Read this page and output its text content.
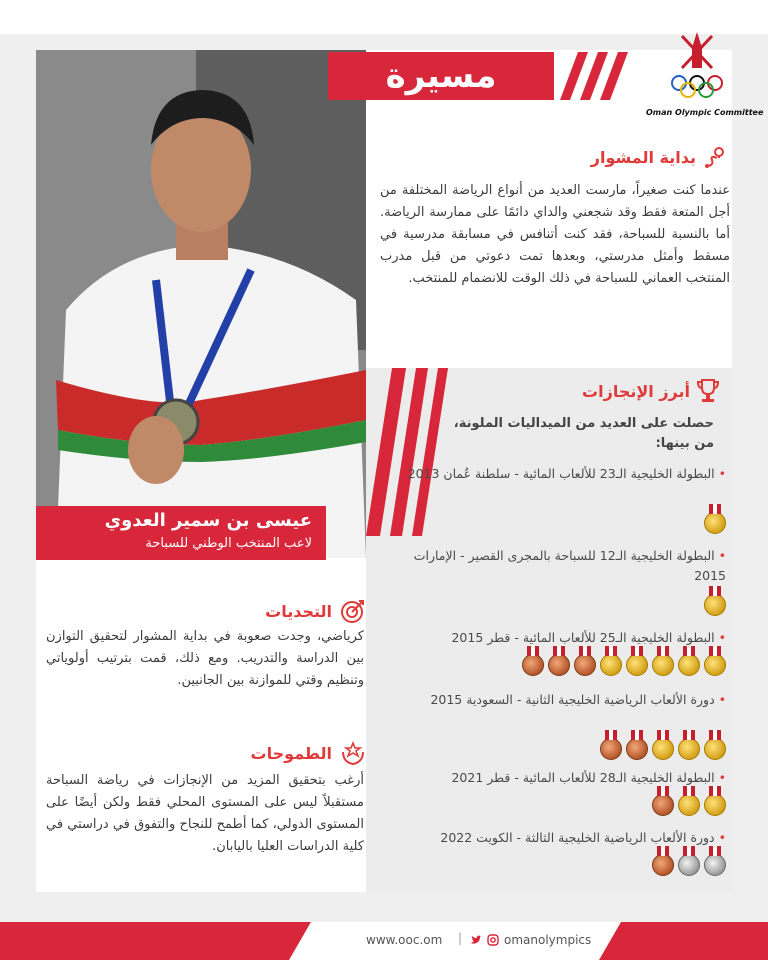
مسيرة رياضي	Oman Olympic Committee
بداية المشوار
عندما كنت صغيراً، مارست العديد من أنواع الرياضة المختلفة من أجل المتعة فقط وقد شجعني والداي دائمًا على ممارسة الرياضة. أما بالنسبة للسباحة، فقد كنت أتنافس في مسابقة مدرسية في مسقط وأمثل مدرستي، وبعدها تمت دعوتي من قبل مدرب المنتخب العماني للسباحة في ذلك الوقت للانضمام للمنتخب.
عيسى بن سمير العدوي
لاعب المنتخب الوطني للسباحة
أبرز الإنجازات
حصلت على العديد من الميداليات الملونة، من بينها:
• البطولة الخليجية الـ23 للألعاب المائية - سلطنة عُمان 2013
• البطولة الخليجية الـ12 للسباحة بالمجرى القصير - الإمارات 2015
• البطولة الخليجية الـ25 للألعاب المائية - قطر 2015
• دورة الألعاب الرياضية الخليجية الثانية - السعودية 2015
• البطولة الخليجية الـ28 للألعاب المائية - قطر 2021
• دورة الألعاب الرياضية الخليجية الثالثة - الكويت 2022
التحديات
كرياضي، وجدت صعوبة في بداية المشوار لتحقيق التوازن بين الدراسة والتدريب. ومع ذلك، قمت بترتيب أولوياتي وتنظيم وقتي للموازنة بين الجانبين.
الطموحات
أرغب بتحقيق المزيد من الإنجازات في رياضة السباحة مستقبلاً ليس على المستوى المحلي فقط ولكن أيضًا على المستوى الدولي، كما أطمح للنجاح والتفوق في دراستي في كلية الدراسات العليا باليابان.
www.ooc.om |	omanolympics
